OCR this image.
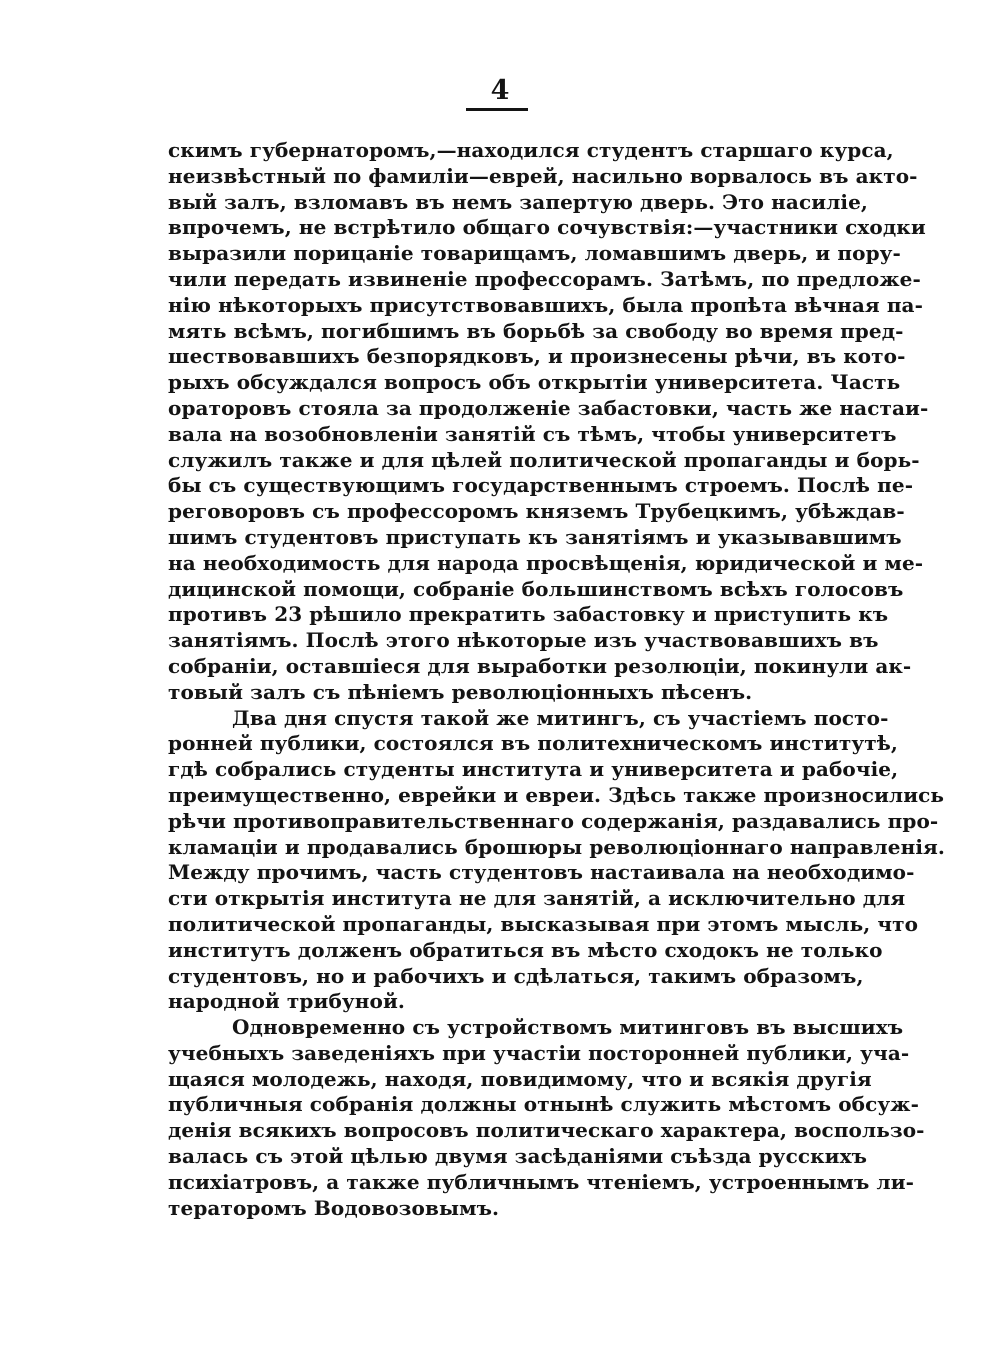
4
скимъ губернаторомъ,—находился студентъ старшаго курса,
неизвѣстный по фамиліи—еврей, насильно ворвалось въ акто-
вый залъ, взломавъ въ немъ запертую дверь. Это насиліе,
впрочемъ, не встрѣтило общаго сочувствія:—участники сходки
выразили порицаніе товарищамъ, ломавшимъ дверь, и пору-
чили передать извиненіе профессорамъ. Затѣмъ, по предложе-
нію нѣкоторыхъ присутствовавшихъ, была пропѣта вѣчная па-
мять всѣмъ, погибшимъ въ борьбѣ за свободу во время пред-
шествовавшихъ безпорядковъ, и произнесены рѣчи, въ кото-
рыхъ обсуждался вопросъ объ открытіи университета. Часть
ораторовъ стояла за продолженіе забастовки, часть же настаи-
вала на возобновленіи занятій съ тѣмъ, чтобы университетъ
служилъ также и для цѣлей политической пропаганды и борь-
бы съ существующимъ государственнымъ строемъ. Послѣ пе-
реговоровъ съ профессоромъ княземъ Трубецкимъ, убѣждав-
шимъ студентовъ приступать къ занятіямъ и указывавшимъ
на необходимость для народа просвѣщенія, юридической и ме-
дицинской помощи, собраніе большинствомъ всѣхъ голосовъ
противъ 23 рѣшило прекратить забастовку и приступить къ
занятіямъ. Послѣ этого нѣкоторые изъ участвовавшихъ въ
собраніи, оставшіеся для выработки резолюціи, покинули ак-
товый залъ съ пѣніемъ революціонныхъ пѣсенъ.
Два дня спустя такой же митингъ, съ участіемъ посто-
ронней публики, состоялся въ политехническомъ институтѣ,
гдѣ собрались студенты института и университета и рабочіе,
преимущественно, еврейки и евреи. Здѣсь также произносились
рѣчи противоправительственнаго содержанія, раздавались про-
кламаціи и продавались брошюры революціоннаго направленія.
Между прочимъ, часть студентовъ настаивала на необходимо-
сти открытія института не для занятій, а исключительно для
политической пропаганды, высказывая при этомъ мысль, что
институтъ долженъ обратиться въ мѣсто сходокъ не только
студентовъ, но и рабочихъ и сдѣлаться, такимъ образомъ,
народной трибуной.
Одновременно съ устройствомъ митинговъ въ высшихъ
учебныхъ заведеніяхъ при участіи посторонней публики, уча-
щаяся молодежь, находя, повидимому, что и всякія другія
публичныя собранія должны отнынѣ служить мѣстомъ обсуж-
денія всякихъ вопросовъ политическаго характера, воспользо-
валась съ этой цѣлью двумя засѣданіями съѣзда русскихъ
психіатровъ, а также публичнымъ чтеніемъ, устроеннымъ ли-
тераторомъ Водовозовымъ.
